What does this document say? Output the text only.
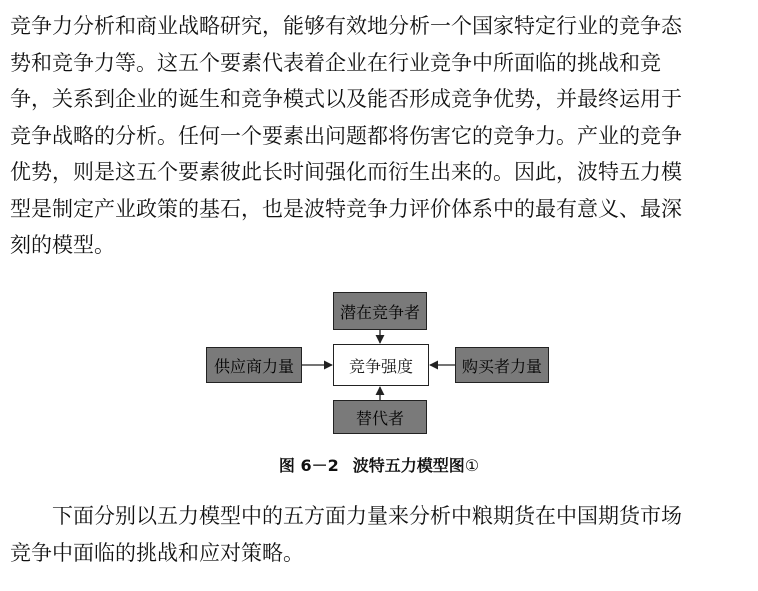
竞争力分析和商业战略研究，能够有效地分析一个国家特定行业的竞争态
势和竞争力等。这五个要素代表着企业在行业竞争中所面临的挑战和竞
争，关系到企业的诞生和竞争模式以及能否形成竞争优势，并最终运用于
竞争战略的分析。任何一个要素出问题都将伤害它的竞争力。产业的竞争
优势，则是这五个要素彼此长时间强化而衍生出来的。因此，波特五力模
型是制定产业政策的基石，也是波特竞争力评价体系中的最有意义、最深
刻的模型。

潜在竞争者
竞争强度
供应商力量	购买者力量
替代者
图 6－2 波特五力模型图①

下面分别以五力模型中的五方面力量来分析中粮期货在中国期货市场
竞争中面临的挑战和应对策略。
